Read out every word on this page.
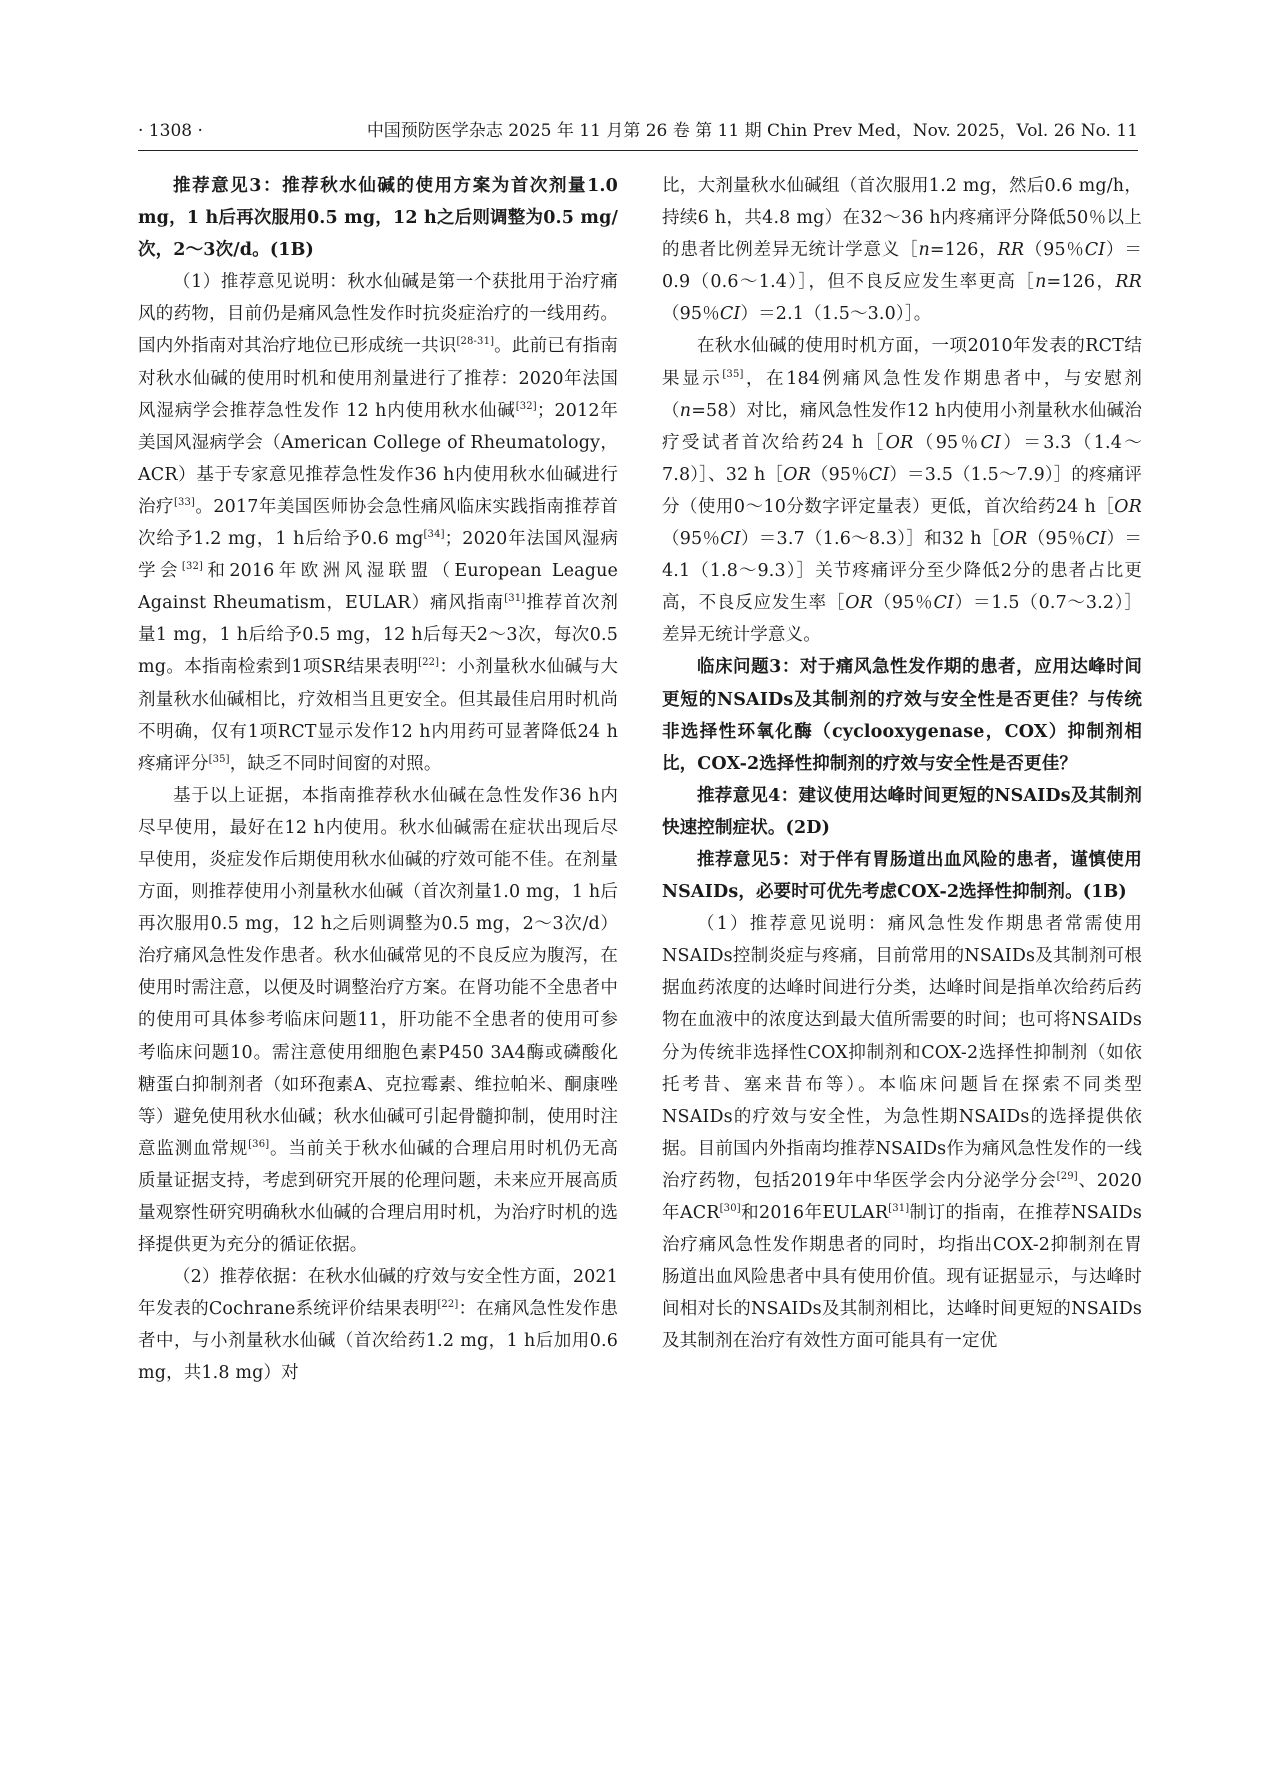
· 1308 ·	中国预防医学杂志 2025 年 11 月第 26 卷 第 11 期 Chin Prev Med，Nov. 2025，Vol. 26 No. 11

推荐意见3：推荐秋水仙碱的使用方案为首次剂量1.0 mg，1 h后再次服用0.5 mg，12 h之后则调整为0.5 mg/次，2～3次/d。(1B)

（1）推荐意见说明：秋水仙碱是第一个获批用于治疗痛风的药物，目前仍是痛风急性发作时抗炎症治疗的一线用药。国内外指南对其治疗地位已形成统一共识[28-31]。此前已有指南对秋水仙碱的使用时机和使用剂量进行了推荐：2020年法国风湿病学会推荐急性发作 12 h内使用秋水仙碱[32]；2012年美国风湿病学会（American College of Rheumatology，ACR）基于专家意见推荐急性发作36 h内使用秋水仙碱进行治疗[33]。2017年美国医师协会急性痛风临床实践指南推荐首次给予1.2 mg，1 h后给予0.6 mg[34]；2020年法国风湿病学会[32]和2016年欧洲风湿联盟（European League Against Rheumatism，EULAR）痛风指南[31]推荐首次剂量1 mg，1 h后给予0.5 mg，12 h后每天2～3次，每次0.5 mg。本指南检索到1项SR结果表明[22]：小剂量秋水仙碱与大剂量秋水仙碱相比，疗效相当且更安全。但其最佳启用时机尚不明确，仅有1项RCT显示发作12 h内用药可显著降低24 h疼痛评分[35]，缺乏不同时间窗的对照。

基于以上证据，本指南推荐秋水仙碱在急性发作36 h内尽早使用，最好在12 h内使用。秋水仙碱需在症状出现后尽早使用，炎症发作后期使用秋水仙碱的疗效可能不佳。在剂量方面，则推荐使用小剂量秋水仙碱（首次剂量1.0 mg，1 h后再次服用0.5 mg，12 h之后则调整为0.5 mg，2～3次/d）治疗痛风急性发作患者。秋水仙碱常见的不良反应为腹泻，在使用时需注意，以便及时调整治疗方案。在肾功能不全患者中的使用可具体参考临床问题11，肝功能不全患者的使用可参考临床问题10。需注意使用细胞色素P450 3A4酶或磷酸化糖蛋白抑制剂者（如环孢素A、克拉霉素、维拉帕米、酮康唑等）避免使用秋水仙碱；秋水仙碱可引起骨髓抑制，使用时注意监测血常规[36]。当前关于秋水仙碱的合理启用时机仍无高质量证据支持，考虑到研究开展的伦理问题，未来应开展高质量观察性研究明确秋水仙碱的合理启用时机，为治疗时机的选择提供更为充分的循证依据。

（2）推荐依据：在秋水仙碱的疗效与安全性方面，2021年发表的Cochrane系统评价结果表明[22]：在痛风急性发作患者中，与小剂量秋水仙碱（首次给药1.2 mg，1 h后加用0.6 mg，共1.8 mg）对

比，大剂量秋水仙碱组（首次服用1.2 mg，然后0.6 mg/h，持续6 h，共4.8 mg）在32～36 h内疼痛评分降低50％以上的患者比例差异无统计学意义［n=126，RR（95％CI）＝0.9（0.6～1.4）］，但不良反应发生率更高［n=126，RR（95％CI）＝2.1（1.5～3.0）］。

在秋水仙碱的使用时机方面，一项2010年发表的RCT结果显示[35]，在184例痛风急性发作期患者中，与安慰剂（n=58）对比，痛风急性发作12 h内使用小剂量秋水仙碱治疗受试者首次给药24 h［OR（95％CI）＝3.3（1.4～7.8）］、32 h［OR（95％CI）＝3.5（1.5～7.9）］的疼痛评分（使用0～10分数字评定量表）更低，首次给药24 h［OR（95％CI）＝3.7（1.6～8.3）］和32 h［OR（95％CI）＝4.1（1.8～9.3）］关节疼痛评分至少降低2分的患者占比更高，不良反应发生率［OR（95％CI）＝1.5（0.7～3.2）］差异无统计学意义。

临床问题3：对于痛风急性发作期的患者，应用达峰时间更短的NSAIDs及其制剂的疗效与安全性是否更佳？与传统非选择性环氧化酶（cyclooxygenase，COX）抑制剂相比，COX-2选择性抑制剂的疗效与安全性是否更佳？

推荐意见4：建议使用达峰时间更短的NSAIDs及其制剂快速控制症状。(2D)

推荐意见5：对于伴有胃肠道出血风险的患者，谨慎使用NSAIDs，必要时可优先考虑COX-2选择性抑制剂。(1B)

（1）推荐意见说明：痛风急性发作期患者常需使用NSAIDs控制炎症与疼痛，目前常用的NSAIDs及其制剂可根据血药浓度的达峰时间进行分类，达峰时间是指单次给药后药物在血液中的浓度达到最大值所需要的时间；也可将NSAIDs分为传统非选择性COX抑制剂和COX-2选择性抑制剂（如依托考昔、塞来昔布等）。本临床问题旨在探索不同类型NSAIDs的疗效与安全性，为急性期NSAIDs的选择提供依据。目前国内外指南均推荐NSAIDs作为痛风急性发作的一线治疗药物，包括2019年中华医学会内分泌学分会[29]、2020年ACR[30]和2016年EULAR[31]制订的指南，在推荐NSAIDs治疗痛风急性发作期患者的同时，均指出COX-2抑制剂在胃肠道出血风险患者中具有使用价值。现有证据显示，与达峰时间相对长的NSAIDs及其制剂相比，达峰时间更短的NSAIDs及其制剂在治疗有效性方面可能具有一定优
